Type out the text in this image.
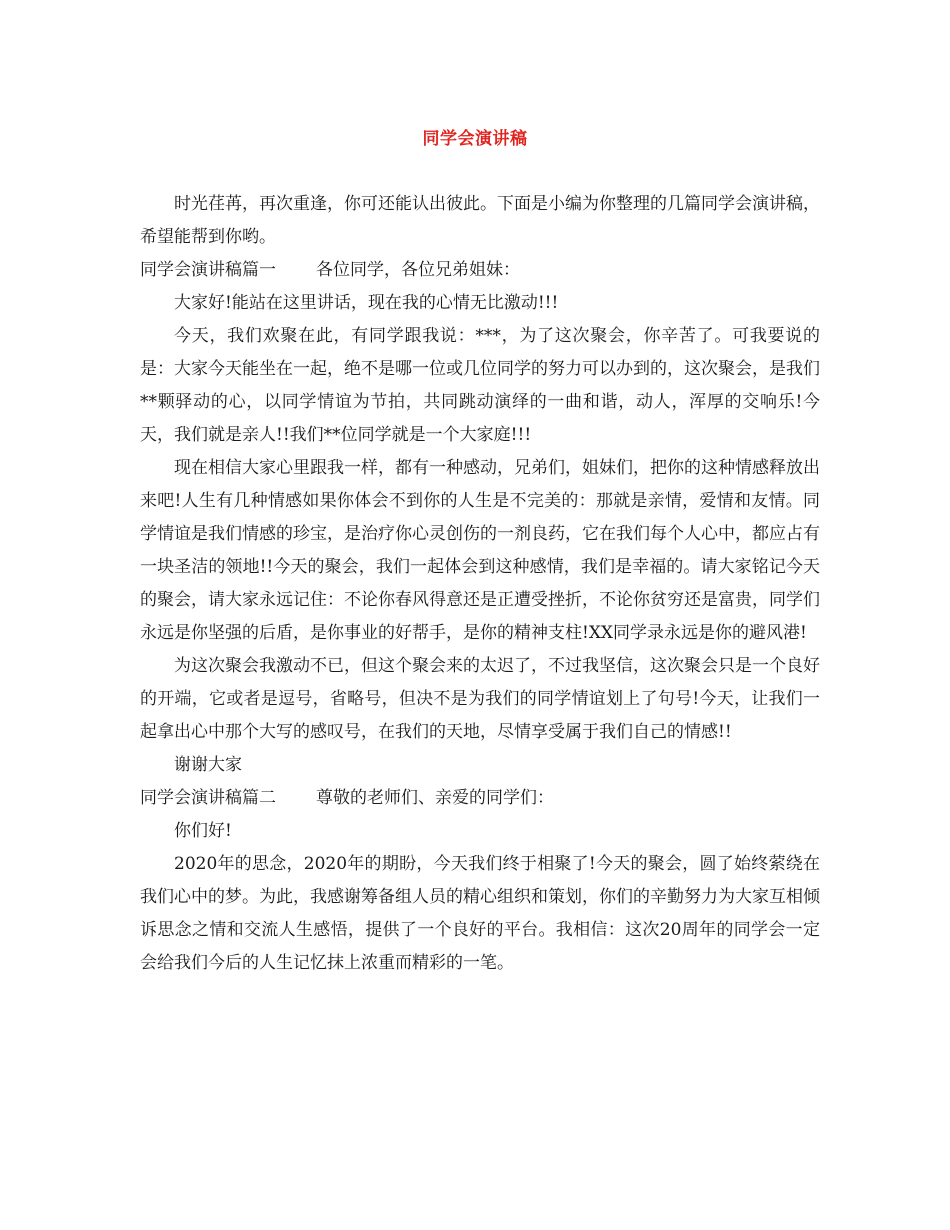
同学会演讲稿

时光荏苒，再次重逢，你可还能认出彼此。下面是小编为你整理的几篇同学会演讲稿，希望能帮到你哟。

同学会演讲稿篇一 各位同学，各位兄弟姐妹：

大家好!能站在这里讲话，现在我的心情无比激动!!!

今天，我们欢聚在此，有同学跟我说：***，为了这次聚会，你辛苦了。可我要说的是：大家今天能坐在一起，绝不是哪一位或几位同学的努力可以办到的，这次聚会，是我们**颗驿动的心，以同学情谊为节拍，共同跳动演绎的一曲和谐，动人，浑厚的交响乐!今天，我们就是亲人!!我们**位同学就是一个大家庭!!!

现在相信大家心里跟我一样，都有一种感动，兄弟们，姐妹们，把你的这种情感释放出来吧!人生有几种情感如果你体会不到你的人生是不完美的：那就是亲情，爱情和友情。同学情谊是我们情感的珍宝，是治疗你心灵创伤的一剂良药，它在我们每个人心中，都应占有一块圣洁的领地!!今天的聚会，我们一起体会到这种感情，我们是幸福的。请大家铭记今天的聚会，请大家永远记住：不论你春风得意还是正遭受挫折，不论你贫穷还是富贵，同学们永远是你坚强的后盾，是你事业的好帮手，是你的精神支柱!XX同学录永远是你的避风港!

为这次聚会我激动不已，但这个聚会来的太迟了，不过我坚信，这次聚会只是一个良好的开端，它或者是逗号，省略号，但决不是为我们的同学情谊划上了句号!今天，让我们一起拿出心中那个大写的感叹号，在我们的天地，尽情享受属于我们自己的情感!!

谢谢大家

同学会演讲稿篇二 尊敬的老师们、亲爱的同学们：

你们好!

2020年的思念，2020年的期盼，今天我们终于相聚了!今天的聚会，圆了始终萦绕在我们心中的梦。为此，我感谢筹备组人员的精心组织和策划，你们的辛勤努力为大家互相倾诉思念之情和交流人生感悟，提供了一个良好的平台。我相信：这次20周年的同学会一定会给我们今后的人生记忆抹上浓重而精彩的一笔。
